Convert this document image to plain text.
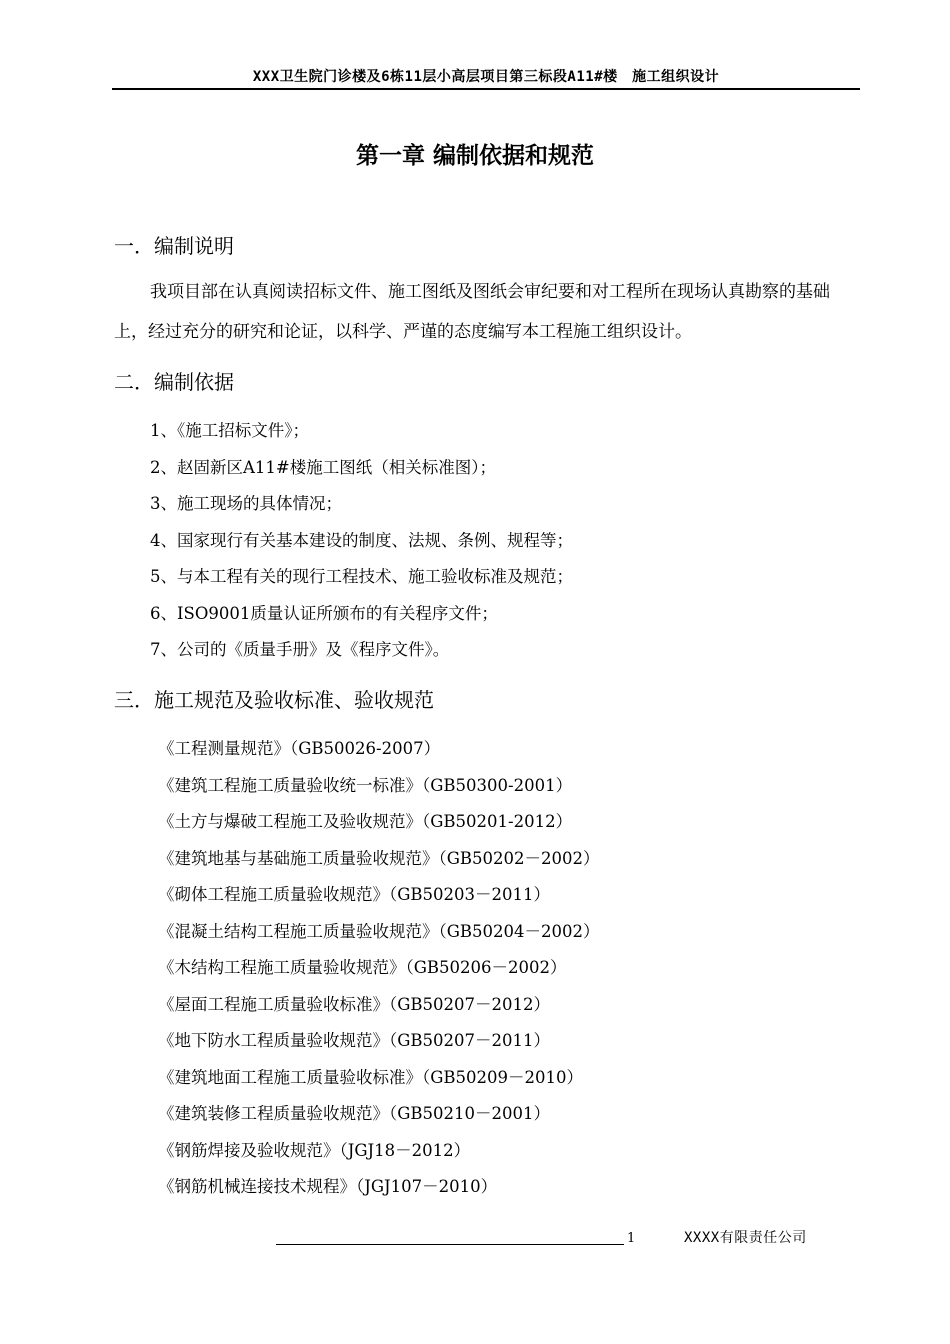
XXX卫生院门诊楼及6栋11层小高层项目第三标段A11#楼　施工组织设计
第一章 编制依据和规范
一．编制说明
我项目部在认真阅读招标文件、施工图纸及图纸会审纪要和对工程所在现场认真勘察的基础上，经过充分的研究和论证，以科学、严谨的态度编写本工程施工组织设计。
二．编制依据
1、《施工招标文件》；
2、赵固新区A11#楼施工图纸（相关标准图）；
3、施工现场的具体情况；
4、国家现行有关基本建设的制度、法规、条例、规程等；
5、与本工程有关的现行工程技术、施工验收标准及规范；
6、ISO9001质量认证所颁布的有关程序文件；
7、公司的《质量手册》及《程序文件》。
三．施工规范及验收标准、验收规范
《工程测量规范》（GB50026-2007）
《建筑工程施工质量验收统一标准》（GB50300-2001）
《土方与爆破工程施工及验收规范》（GB50201-2012）
《建筑地基与基础施工质量验收规范》（GB50202－2002）
《砌体工程施工质量验收规范》（GB50203－2011）
《混凝土结构工程施工质量验收规范》（GB50204－2002）
《木结构工程施工质量验收规范》（GB50206－2002）
《屋面工程施工质量验收标准》（GB50207－2012）
《地下防水工程质量验收规范》（GB50207－2011）
《建筑地面工程施工质量验收标准》（GB50209－2010）
《建筑装修工程质量验收规范》（GB50210－2001）
《钢筋焊接及验收规范》（JGJ18－2012）
《钢筋机械连接技术规程》（JGJ107－2010）
1	XXXX有限责任公司
